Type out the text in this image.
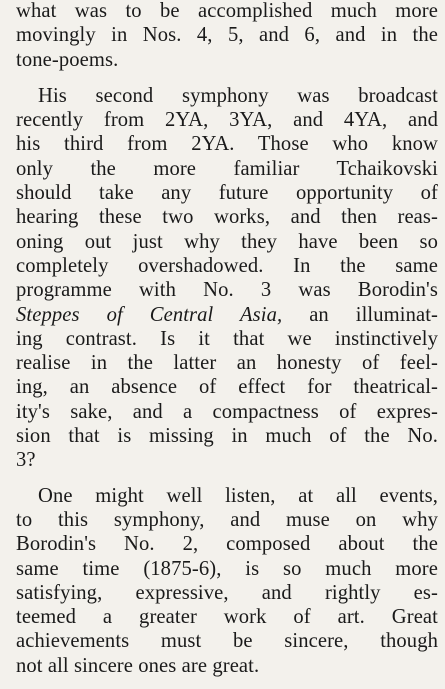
what was to be accomplished much more
movingly in Nos. 4, 5, and 6, and in the
tone-poems.

His second symphony was broadcast
recently from 2YA, 3YA, and 4YA, and
his third from 2YA. Those who know
only the more familiar Tchaikovski
should take any future opportunity of
hearing these two works, and then reas-
oning out just why they have been so
completely overshadowed. In the same
programme with No. 3 was Borodin's
Steppes of Central Asia, an illuminat-
ing contrast. Is it that we instinctively
realise in the latter an honesty of feel-
ing, an absence of effect for theatrical-
ity's sake, and a compactness of expres-
sion that is missing in much of the No.
3?

One might well listen, at all events,
to this symphony, and muse on why
Borodin's No. 2, composed about the
same time (1875-6), is so much more
satisfying, expressive, and rightly es-
teemed a greater work of art. Great
achievements must be sincere, though
not all sincere ones are great.
